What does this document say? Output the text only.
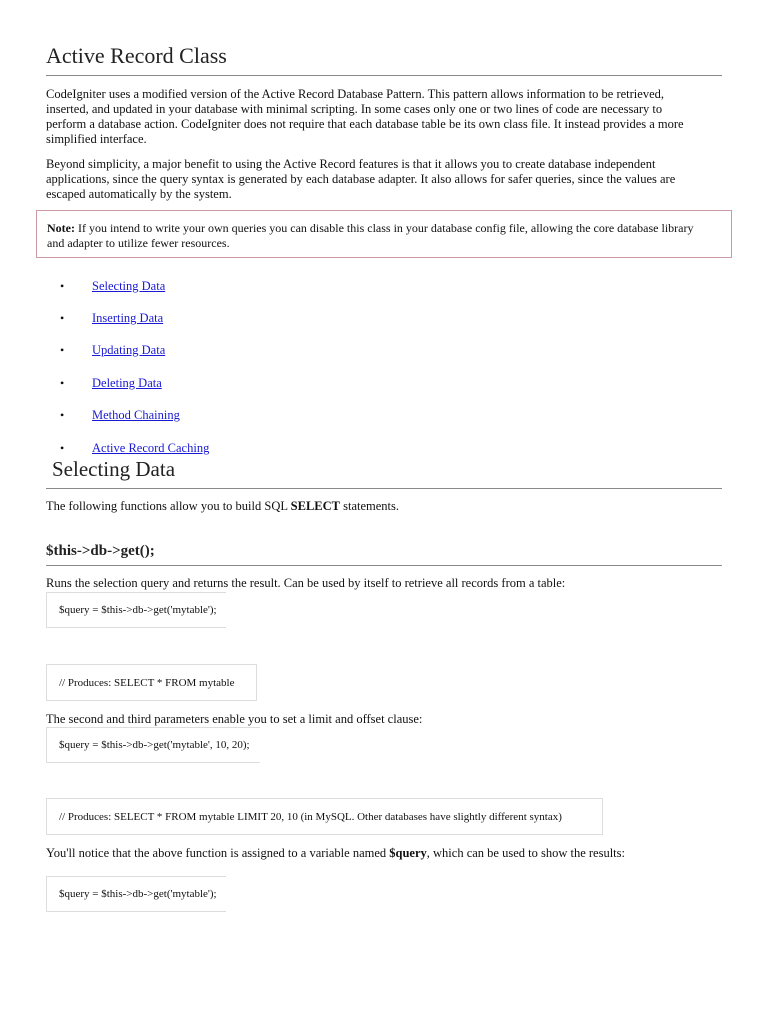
Active Record Class

CodeIgniter uses a modified version of the Active Record Database Pattern. This pattern allows information to be retrieved, inserted, and updated in your database with minimal scripting. In some cases only one or two lines of code are necessary to perform a database action. CodeIgniter does not require that each database table be its own class file. It instead provides a more simplified interface.

Beyond simplicity, a major benefit to using the Active Record features is that it allows you to create database independent applications, since the query syntax is generated by each database adapter. It also allows for safer queries, since the values are escaped automatically by the system.

Note: If you intend to write your own queries you can disable this class in your database config file, allowing the core database library and adapter to utilize fewer resources.

• Selecting Data
• Inserting Data
• Updating Data
• Deleting Data
• Method Chaining
• Active Record Caching
Selecting Data

The following functions allow you to build SQL SELECT statements.

$this->db->get();

Runs the selection query and returns the result. Can be used by itself to retrieve all records from a table:

$query = $this->db->get('mytable');
// Produces: SELECT * FROM mytable

The second and third parameters enable you to set a limit and offset clause:

$query = $this->db->get('mytable', 10, 20);
// Produces: SELECT * FROM mytable LIMIT 20, 10 (in MySQL. Other databases have slightly different syntax)

You'll notice that the above function is assigned to a variable named $query, which can be used to show the results:

$query = $this->db->get('mytable');
